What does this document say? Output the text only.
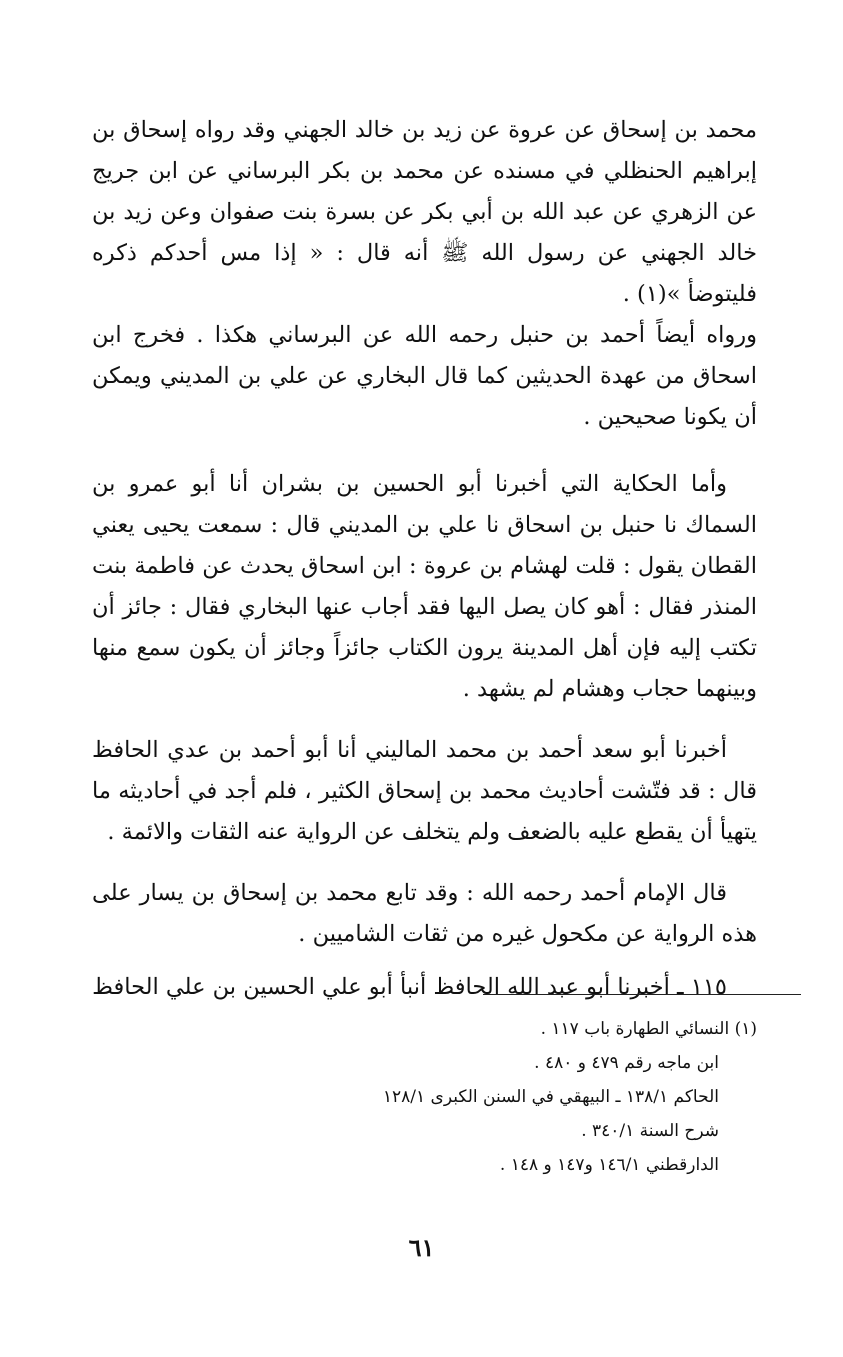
محمد بن إسحاق عن عروة عن زيد بن خالد الجهني وقد رواه إسحاق بن إبراهيم الحنظلي في مسنده عن محمد بن بكر البرساني عن ابن جريج عن الزهري عن عبد الله بن أبي بكر عن بسرة بنت صفوان وعن زيد بن خالد الجهني عن رسول الله ﷺ أنه قال : « إذا مس أحدكم ذكره فليتوضأ »(١) .

ورواه أيضاً أحمد بن حنبل رحمه الله عن البرساني هكذا . فخرج ابن اسحاق من عهدة الحديثين كما قال البخاري عن علي بن المديني ويمكن أن يكونا صحيحين .

وأما الحكاية التي أخبرنا أبو الحسين بن بشران أنا أبو عمرو بن السماك نا حنبل بن اسحاق نا علي بن المديني قال : سمعت يحيى يعني القطان يقول : قلت لهشام بن عروة : ابن اسحاق يحدث عن فاطمة بنت المنذر فقال : أهو كان يصل اليها فقد أجاب عنها البخاري فقال : جائز أن تكتب إليه فإن أهل المدينة يرون الكتاب جائزاً وجائز أن يكون سمع منها وبينهما حجاب وهشام لم يشهد .

أخبرنا أبو سعد أحمد بن محمد الماليني أنا أبو أحمد بن عدي الحافظ قال : قد فتّشت أحاديث محمد بن إسحاق الكثير ، فلم أجد في أحاديثه ما يتهيأ أن يقطع عليه بالضعف ولم يتخلف عن الرواية عنه الثقات والائمة .

قال الإمام أحمد رحمه الله : وقد تابع محمد بن إسحاق بن يسار على هذه الرواية عن مكحول غيره من ثقات الشاميين .

١١٥ ـ أخبرنا أبو عبد الله الحافظ أنبأ أبو علي الحسين بن علي الحافظ

(١) النسائي الطهارة باب ١١٧ .
ابن ماجه رقم ٤٧٩ و ٤٨٠ .
الحاكم ١٣٨/١ ـ البيهقي في السنن الكبرى ١٢٨/١
شرح السنة ٣٤٠/١ .
الدارقطني ١٤٦/١ و١٤٧ و ١٤٨ .
٦١
